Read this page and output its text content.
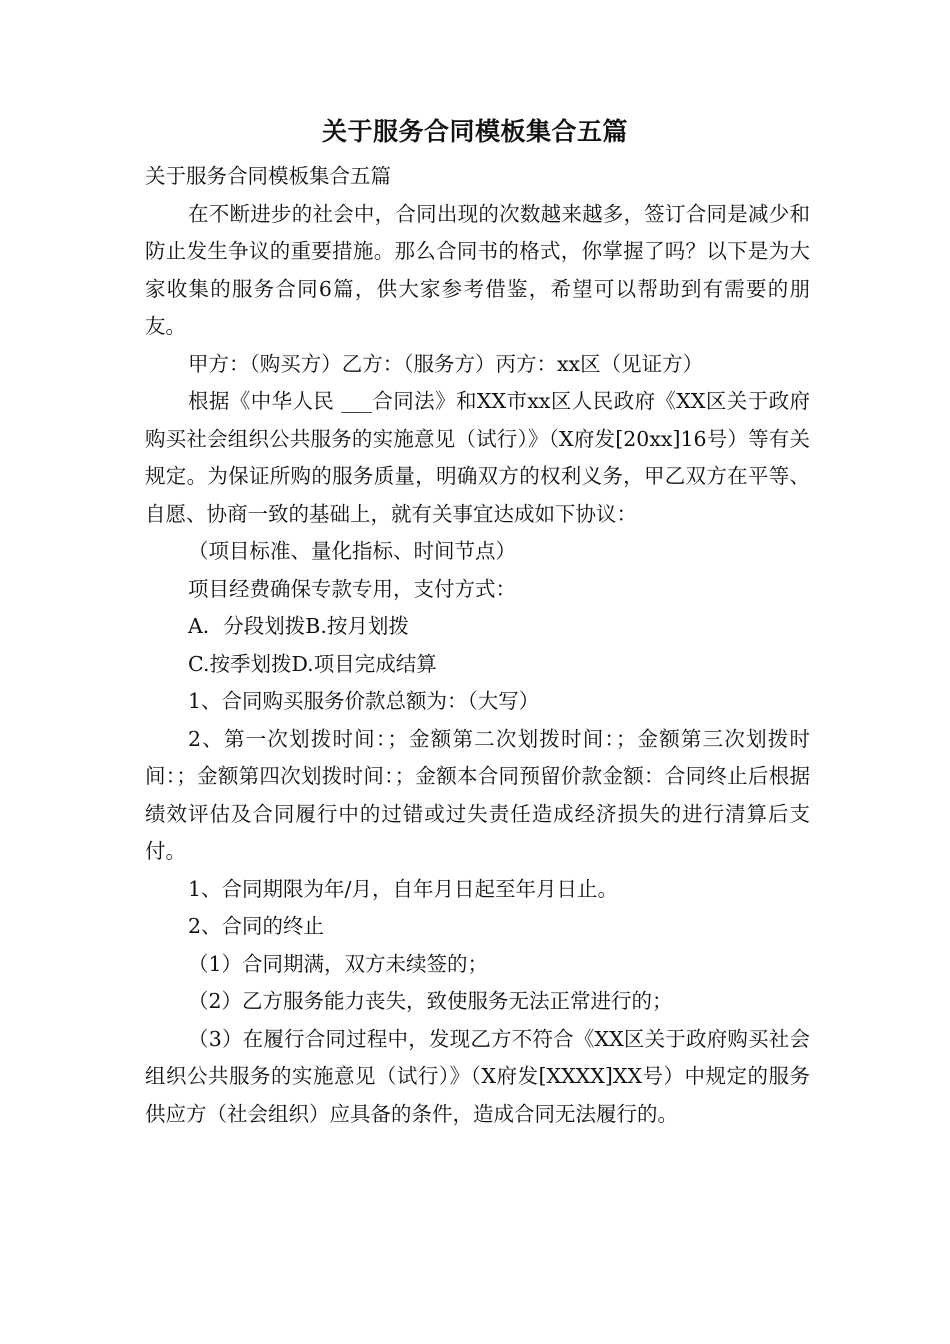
关于服务合同模板集合五篇

关于服务合同模板集合五篇

在不断进步的社会中，合同出现的次数越来越多，签订合同是减少和防止发生争议的重要措施。那么合同书的格式，你掌握了吗？以下是为大家收集的服务合同6篇，供大家参考借鉴，希望可以帮助到有需要的朋友。

甲方：（购买方）乙方：（服务方）丙方：xx区（见证方）

根据《中华人民 ___合同法》和XX市xx区人民政府《XX区关于政府购买社会组织公共服务的实施意见（试行）》（X府发[20xx]16号）等有关规定。为保证所购的服务质量，明确双方的权利义务，甲乙双方在平等、自愿、协商一致的基础上，就有关事宜达成如下协议：

（项目标准、量化指标、时间节点）

项目经费确保专款专用，支付方式：

A．分段划拨B.按月划拨

C.按季划拨D.项目完成结算

1、合同购买服务价款总额为：（大写）

2、第一次划拨时间：；金额第二次划拨时间：；金额第三次划拨时间：；金额第四次划拨时间：；金额本合同预留价款金额：合同终止后根据绩效评估及合同履行中的过错或过失责任造成经济损失的进行清算后支付。

1、合同期限为年/月，自年月日起至年月日止。

2、合同的终止

（1）合同期满，双方未续签的；

（2）乙方服务能力丧失，致使服务无法正常进行的；

（3）在履行合同过程中，发现乙方不符合《XX区关于政府购买社会组织公共服务的实施意见（试行）》（X府发[XXXX]XX号）中规定的服务供应方（社会组织）应具备的条件，造成合同无法履行的。
